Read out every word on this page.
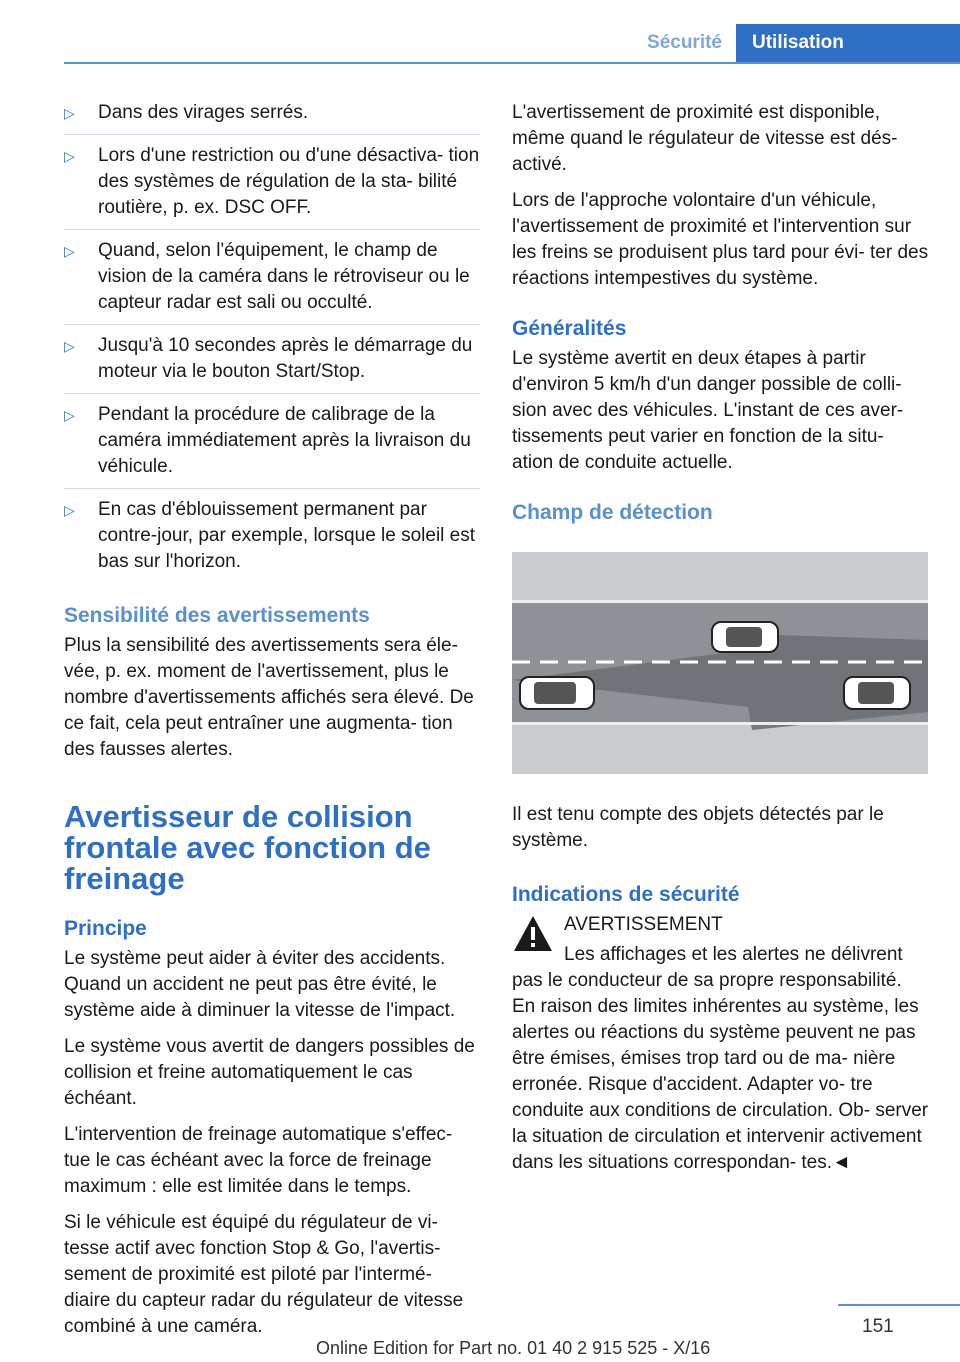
Sécurité	Utilisation
▷ Dans des virages serrés.
▷ Lors d'une restriction ou d'une désactiva‐ tion des systèmes de régulation de la sta‐ bilité routière, p. ex. DSC OFF.
▷ Quand, selon l'équipement, le champ de vision de la caméra dans le rétroviseur ou le capteur radar est sali ou occulté.
▷ Jusqu'à 10 secondes après le démarrage du moteur via le bouton Start/Stop.
▷ Pendant la procédure de calibrage de la caméra immédiatement après la livraison du véhicule.
▷ En cas d'éblouissement permanent par contre-jour, par exemple, lorsque le soleil est bas sur l'horizon.
Sensibilité des avertissements

Plus la sensibilité des avertissements sera éle‐ vée, p. ex. moment de l'avertissement, plus le nombre d'avertissements affichés sera élevé. De ce fait, cela peut entraîner une augmenta‐ tion des fausses alertes.

Avertisseur de collision frontale avec fonction de freinage
Principe

Le système peut aider à éviter des accidents. Quand un accident ne peut pas être évité, le système aide à diminuer la vitesse de l'impact.

Le système vous avertit de dangers possibles de collision et freine automatiquement le cas échéant.

L'intervention de freinage automatique s'effec‐ tue le cas échéant avec la force de freinage maximum : elle est limitée dans le temps.

Si le véhicule est équipé du régulateur de vi‐ tesse actif avec fonction Stop & Go, l'avertis‐ sement de proximité est piloté par l'intermé‐ diaire du capteur radar du régulateur de vitesse combiné à une caméra.

L'avertissement de proximité est disponible, même quand le régulateur de vitesse est dés‐ activé.

Lors de l'approche volontaire d'un véhicule, l'avertissement de proximité et l'intervention sur les freins se produisent plus tard pour évi‐ ter des réactions intempestives du système.

Généralités

Le système avertit en deux étapes à partir d'environ 5 km/h d'un danger possible de colli‐ sion avec des véhicules. L'instant de ces aver‐ tissements peut varier en fonction de la situ‐ ation de conduite actuelle.

Champ de détection

Il est tenu compte des objets détectés par le système.

Indications de sécurité

AVERTISSEMENT

Les affichages et les alertes ne délivrent pas le conducteur de sa propre responsabilité. En raison des limites inhérentes au système, les alertes ou réactions du système peuvent ne pas être émises, émises trop tard ou de ma‐ nière erronée. Risque d'accident. Adapter vo‐ tre conduite aux conditions de circulation. Ob‐ server la situation de circulation et intervenir activement dans les situations correspondan‐ tes.◄

151
Online Edition for Part no. 01 40 2 915 525 - X/16
